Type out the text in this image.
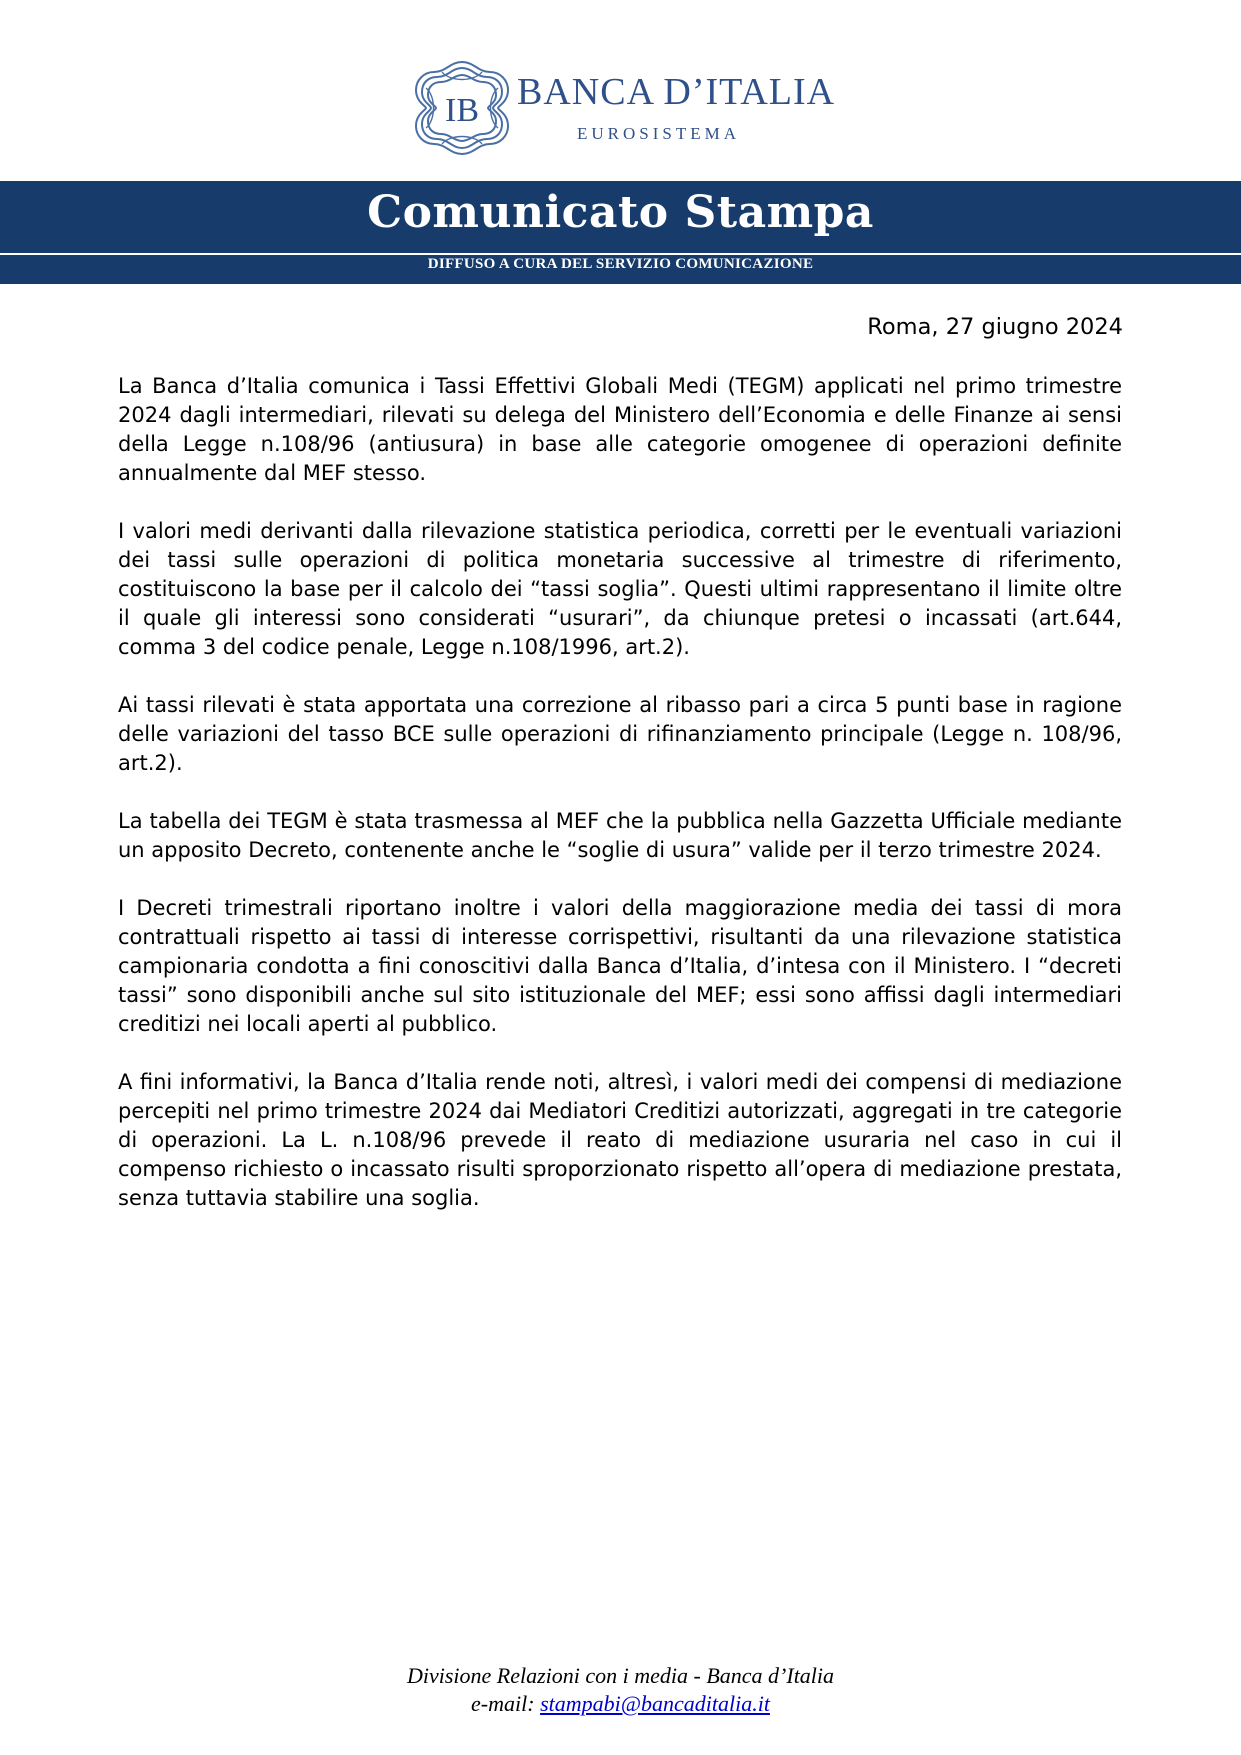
IB BANCA D’ITALIA
EUROSISTEMA
Comunicato Stampa
DIFFUSO A CURA DEL SERVIZIO COMUNICAZIONE
Roma, 27 giugno 2024

La Banca d’Italia comunica i Tassi Effettivi Globali Medi (TEGM) applicati nel primo trimestre 2024 dagli intermediari, rilevati su delega del Ministero dell’Economia e delle Finanze ai sensi della Legge n.108/96 (antiusura) in base alle categorie omogenee di operazioni definite annualmente dal MEF stesso.

I valori medi derivanti dalla rilevazione statistica periodica, corretti per le eventuali variazioni dei tassi sulle operazioni di politica monetaria successive al trimestre di riferimento, costituiscono la base per il calcolo dei “tassi soglia”. Questi ultimi rappresentano il limite oltre il quale gli interessi sono considerati “usurari”, da chiunque pretesi o incassati (art.644, comma 3 del codice penale, Legge n.108/1996, art.2).

Ai tassi rilevati è stata apportata una correzione al ribasso pari a circa 5 punti base in ragione delle variazioni del tasso BCE sulle operazioni di rifinanziamento principale (Legge n. 108/96, art.2).

La tabella dei TEGM è stata trasmessa al MEF che la pubblica nella Gazzetta Ufficiale mediante un apposito Decreto, contenente anche le “soglie di usura” valide per il terzo trimestre 2024.

I Decreti trimestrali riportano inoltre i valori della maggiorazione media dei tassi di mora contrattuali rispetto ai tassi di interesse corrispettivi, risultanti da una rilevazione statistica campionaria condotta a fini conoscitivi dalla Banca d’Italia, d’intesa con il Ministero. I “decreti tassi” sono disponibili anche sul sito istituzionale del MEF; essi sono affissi dagli intermediari creditizi nei locali aperti al pubblico.

A fini informativi, la Banca d’Italia rende noti, altresì, i valori medi dei compensi di mediazione percepiti nel primo trimestre 2024 dai Mediatori Creditizi autorizzati, aggregati in tre categorie di operazioni. La L. n.108/96 prevede il reato di mediazione usuraria nel caso in cui il compenso richiesto o incassato risulti sproporzionato rispetto all’opera di mediazione prestata, senza tuttavia stabilire una soglia.

Divisione Relazioni con i media - Banca d’Italia
e-mail: stampabi@bancaditalia.it
